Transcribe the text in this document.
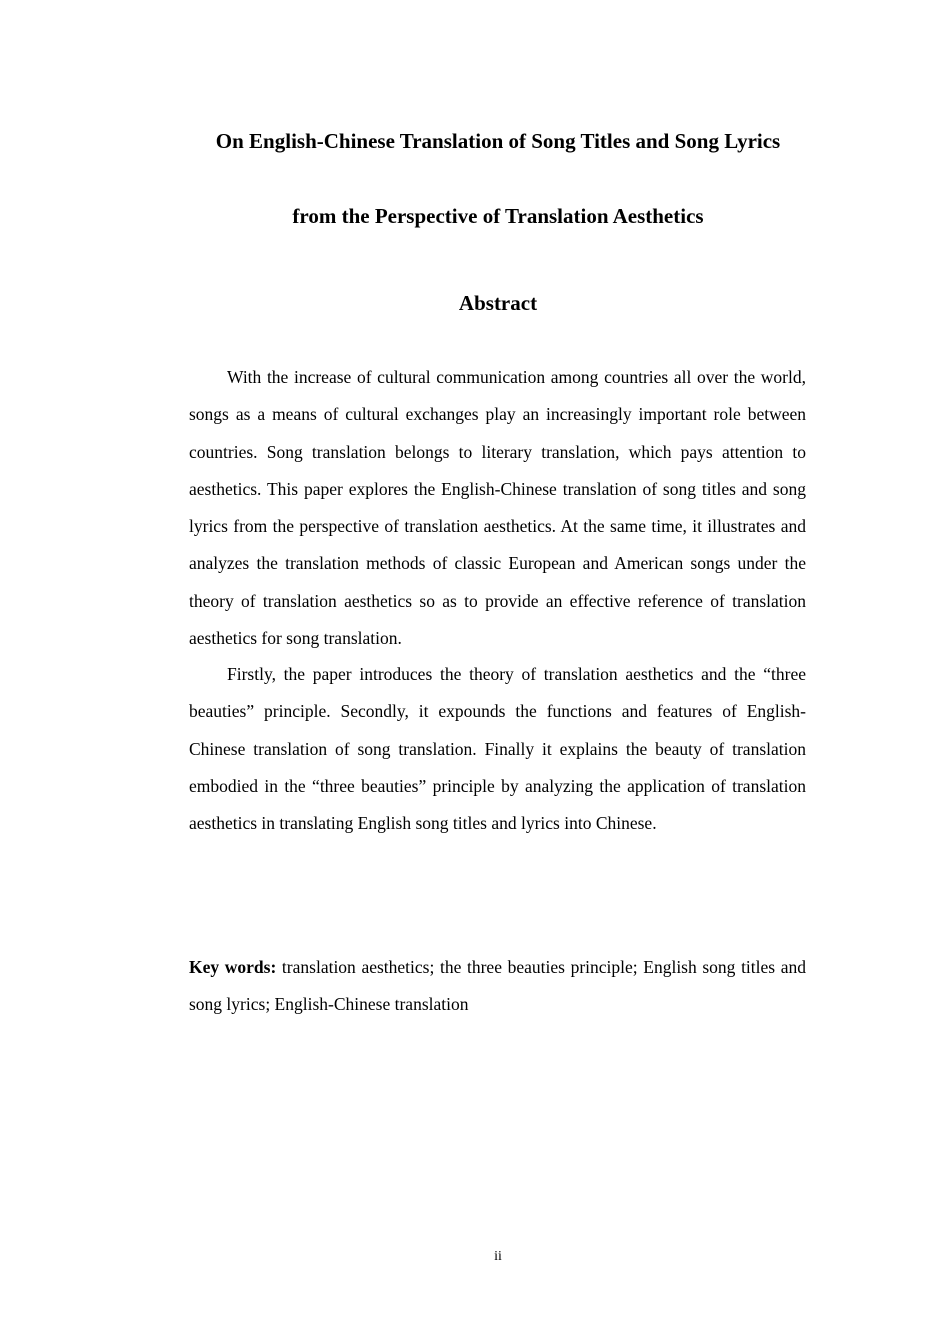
On English-Chinese Translation of Song Titles and Song Lyrics
from the Perspective of Translation Aesthetics
Abstract

With the increase of cultural communication among countries all over the world, songs as a means of cultural exchanges play an increasingly important role between countries. Song translation belongs to literary translation, which pays attention to aesthetics. This paper explores the English-Chinese translation of song titles and song lyrics from the perspective of translation aesthetics. At the same time, it illustrates and analyzes the translation methods of classic European and American songs under the theory of translation aesthetics so as to provide an effective reference of translation aesthetics for song translation.

Firstly, the paper introduces the theory of translation aesthetics and the “three beauties” principle. Secondly, it expounds the functions and features of English-Chinese translation of song translation. Finally it explains the beauty of translation embodied in the “three beauties” principle by analyzing the application of translation aesthetics in translating English song titles and lyrics into Chinese.

Key words: translation aesthetics; the three beauties principle; English song titles and song lyrics; English-Chinese translation

ii
